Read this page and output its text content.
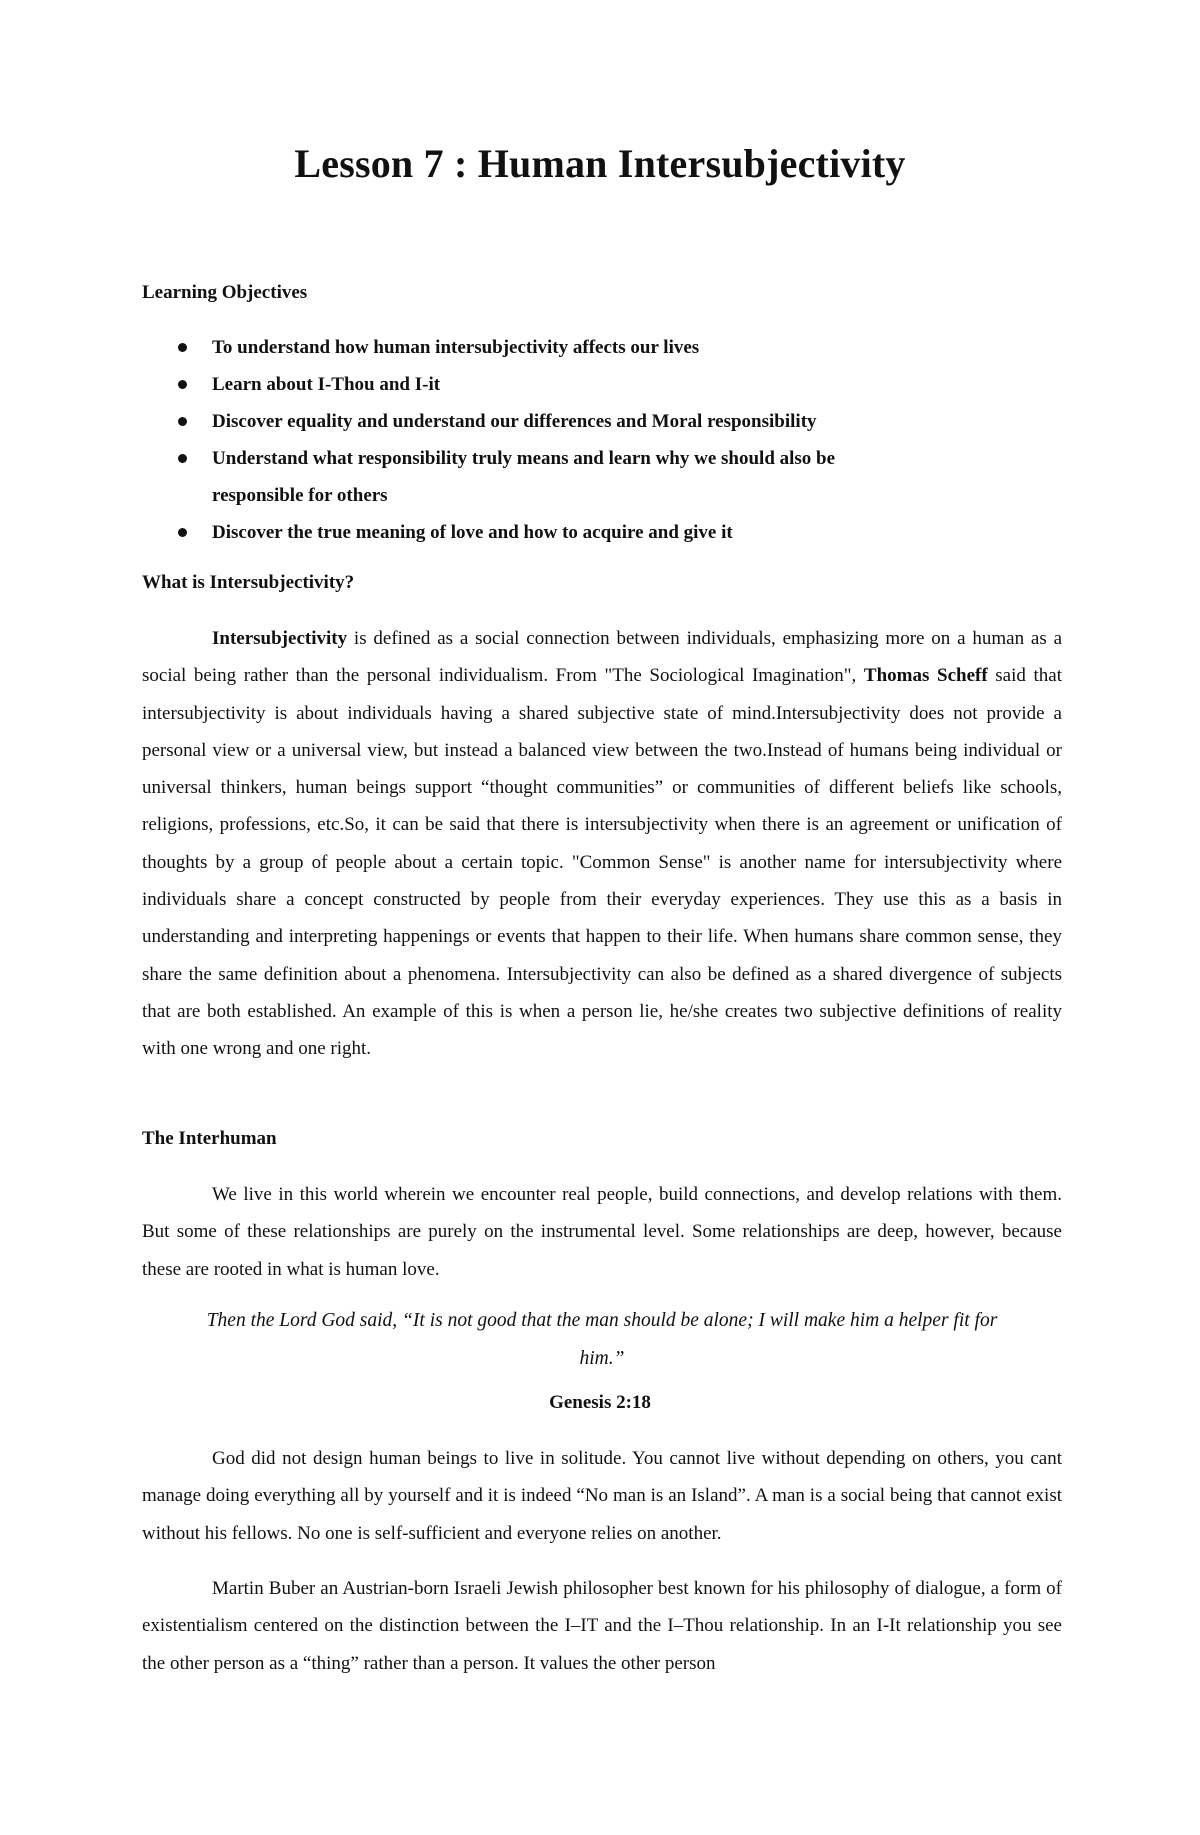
Lesson 7 : Human Intersubjectivity
Learning Objectives
To understand how human intersubjectivity affects our lives
Learn about I-Thou and I-it
Discover equality and understand our differences and Moral responsibility
Understand what responsibility truly means and learn why we should also be responsible for others
Discover the true meaning of love and how to acquire and give it
What is Intersubjectivity?

Intersubjectivity is defined as a social connection between individuals, emphasizing more on a human as a social being rather than the personal individualism. From "The Sociological Imagination", Thomas Scheff said that intersubjectivity is about individuals having a shared subjective state of mind.Intersubjectivity does not provide a personal view or a universal view, but instead a balanced view between the two.Instead of humans being individual or universal thinkers, human beings support “thought communities” or communities of different beliefs like schools, religions, professions, etc.So, it can be said that there is intersubjectivity when there is an agreement or unification of thoughts by a group of people about a certain topic. "Common Sense" is another name for intersubjectivity where individuals share a concept constructed by people from their everyday experiences. They use this as a basis in understanding and interpreting happenings or events that happen to their life. When humans share common sense, they share the same definition about a phenomena. Intersubjectivity can also be defined as a shared divergence of subjects that are both established. An example of this is when a person lie, he/she creates two subjective definitions of reality with one wrong and one right.

The Interhuman

We live in this world wherein we encounter real people, build connections, and develop relations with them. But some of these relationships are purely on the instrumental level. Some relationships are deep, however, because these are rooted in what is human love.

Then the Lord God said, “It is not good that the man should be alone; I will make him a helper fit for him.”

Genesis 2:18

God did not design human beings to live in solitude. You cannot live without depending on others, you cant manage doing everything all by yourself and it is indeed “No man is an Island”. A man is a social being that cannot exist without his fellows. No one is self-sufficient and everyone relies on another.

Martin Buber an Austrian-born Israeli Jewish philosopher best known for his philosophy of dialogue, a form of existentialism centered on the distinction between the I–IT and the I–Thou relationship. In an I-It relationship you see the other person as a “thing” rather than a person. It values the other person
